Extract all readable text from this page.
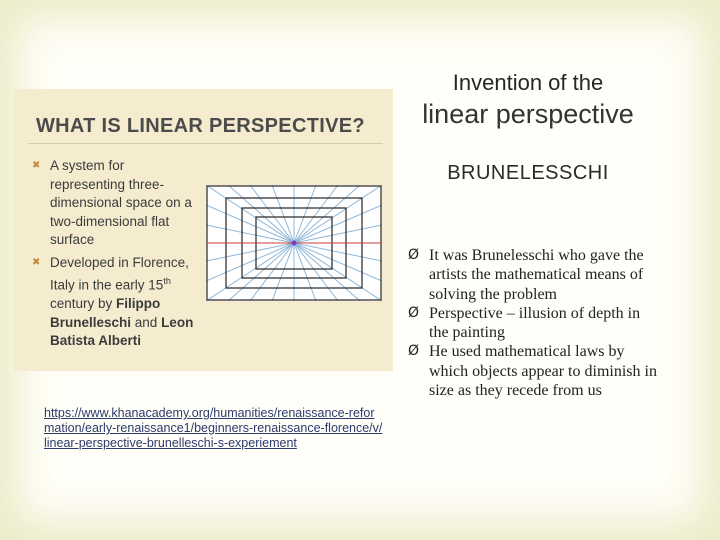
Invention of the
linear perspective
BRUNELESSCHI
WHAT IS LINEAR PERSPECTIVE?
✖ A system for representing three-dimensional space on a two-dimensional flat surface
✖ Developed in Florence, Italy in the early 15th century by Filippo Brunelleschi and Leon Batista Alberti
https://www.khanacademy.org/humanities/renaissance-reformation/early-renaissance1/beginners-renaissance-florence/v/linear-perspective-brunelleschi-s-experiement
Ø It was Brunelesschi who gave the artists the mathematical means of solving the problem
Ø Perspective – illusion of depth in the painting
Ø He used mathematical laws by which objects appear to diminish in size as they recede from us
